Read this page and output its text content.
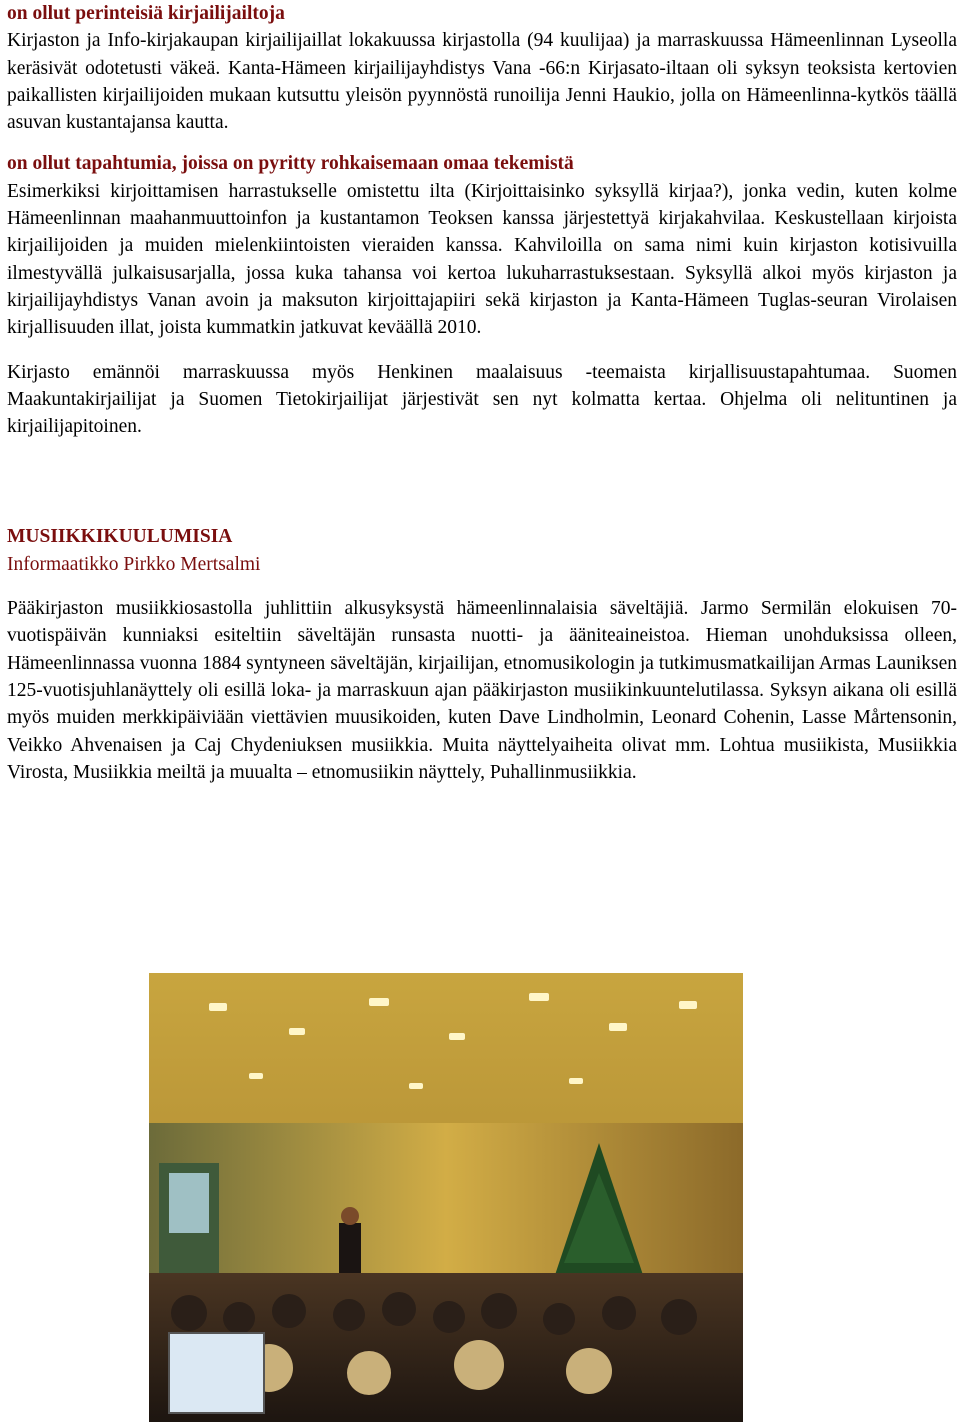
on ollut perinteisiä kirjailijailtoja

Kirjaston ja Info-kirjakaupan kirjailijaillat lokakuussa kirjastolla (94 kuulijaa) ja marraskuussa Hämeenlinnan Lyseolla keräsivät odotetusti väkeä. Kanta-Hämeen kirjailijayhdistys Vana -66:n Kirjasato-iltaan oli syksyn teoksista kertovien paikallisten kirjailijoiden mukaan kutsuttu yleisön pyynnöstä runoilija Jenni Haukio, jolla on Hämeenlinna-kytkös täällä asuvan kustantajansa kautta.

on ollut tapahtumia, joissa on pyritty rohkaisemaan omaa tekemistä

Esimerkiksi kirjoittamisen harrastukselle omistettu ilta (Kirjoittaisinko syksyllä kirjaa?), jonka vedin, kuten kolme Hämeenlinnan maahanmuuttoinfon ja kustantamon Teoksen kanssa järjestettyä kirjakahvilaa. Keskustellaan kirjoista kirjailijoiden ja muiden mielenkiintoisten vieraiden kanssa. Kahviloilla on sama nimi kuin kirjaston kotisivuilla ilmestyvällä julkaisusarjalla, jossa kuka tahansa voi kertoa lukuharrastuksestaan. Syksyllä alkoi myös kirjaston ja kirjailijayhdistys Vanan avoin ja maksuton kirjoittajapiiri sekä kirjaston ja Kanta-Hämeen Tuglas-seuran Virolaisen kirjallisuuden illat, joista kummatkin jatkuvat keväällä 2010.

Kirjasto emännöi marraskuussa myös Henkinen maalaisuus -teemaista kirjallisuustapahtumaa. Suomen Maakuntakirjailijat ja Suomen Tietokirjailijat järjestivät sen nyt kolmatta kertaa. Ohjelma oli nelituntinen ja kirjailijapitoinen.

MUSIIKKIKUULUMISIA

Informaatikko Pirkko Mertsalmi

Pääkirjaston musiikkiosastolla juhlittiin alkusyksystä hämeenlinnalaisia säveltäjiä. Jarmo Sermilän elokuisen 70-vuotispäivän kunniaksi esiteltiin säveltäjän runsasta nuotti- ja ääniteaineistoa. Hieman unohduksissa olleen, Hämeenlinnassa vuonna 1884 syntyneen säveltäjän, kirjailijan, etnomusikologin ja tutkimusmatkailijan Armas Launiksen 125-vuotisjuhlanäyttely oli esillä loka- ja marraskuun ajan pääkirjaston musiikinkuuntelutilassa. Syksyn aikana oli esillä myös muiden merkkipäiviään viettävien muusikoiden, kuten Dave Lindholmin, Leonard Cohenin, Lasse Mårtensonin, Veikko Ahvenaisen ja Caj Chydeniuksen musiikkia. Muita näyttelyaiheita olivat mm. Lohtua musiikista, Musiikkia Virosta, Musiikkia meiltä ja muualta – etnomusiikin näyttely, Puhallinmusiikkia.
